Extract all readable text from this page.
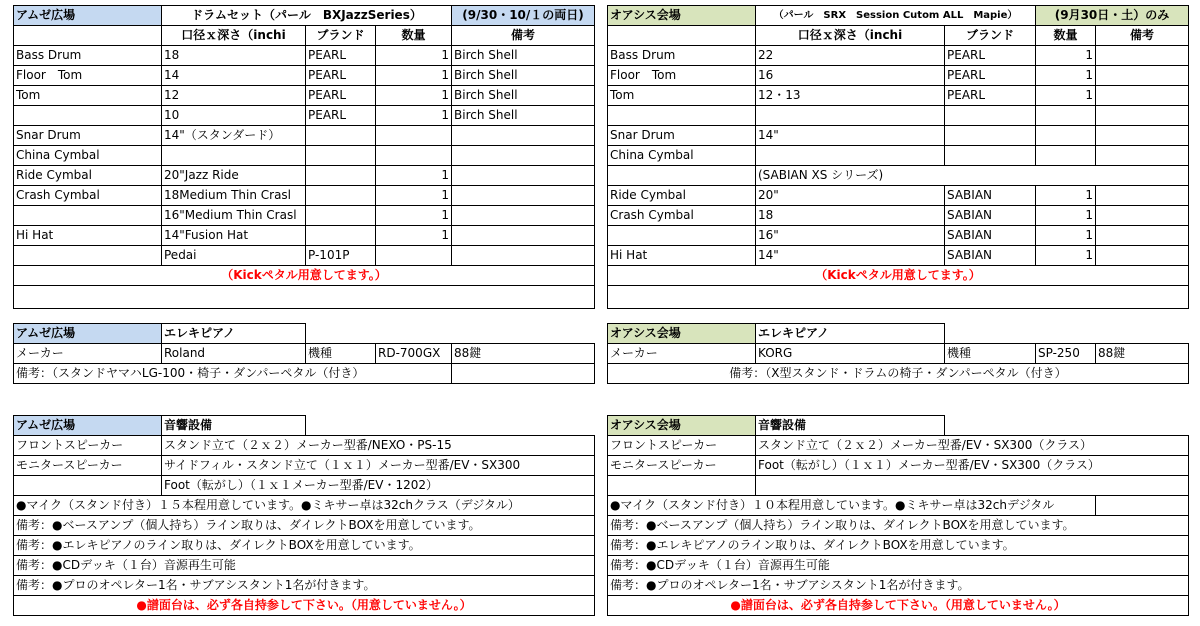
アムゼ広場	ドラムセット（パール　BXJazzSeries）			(9/30・10/１の両日)
	口径ｘ深さ（inchi	ブランド	数量	備考
Bass Drum	18	PEARL	1	Birch Shell
Floor　Tom	14	PEARL	1	Birch Shell
Tom	12	PEARL	1	Birch Shell
	10	PEARL	1	Birch Shell
Snar Drum	14"（スタンダード）			
China Cymbal				
Ride Cymbal	20"Jazz Ride		1	
Crash Cymbal	18Medium Thin Crasl		1	
	16"Medium Thin Crasl		1	
Hi Hat	14"Fusion Hat		1	
	Pedai	P-101P		
（Kickペタル用意してます。）				

アムゼ広場	エレキピアノ			
メーカー	Roland	機種	RD-700GX	88鍵
備考：（スタンドヤマハLG-100・椅子・ダンパーペタル（付き）				
アムゼ広場	音響設備	
フロントスピーカー	スタンド立て（２ｘ２）メーカー型番/NEXO・PS-15	
モニタースピーカー	サイドフィル・スタンド立て（１ｘ１）メーカー型番/EV・SX300	
	Foot（転がし）（１ｘ１メーカー型番/EV・1202）	
●マイク（スタンド付き）１５本程用意しています。●ミキサー卓は32chクラス（デジタル）		
備考：●ベースアンプ（個人持ち）ライン取りは、ダイレクトBOXを用意しています。		
備考：●エレキピアノのライン取りは、ダイレクトBOXを用意しています。		
備考：●CDデッキ（１台）音源再生可能		
備考：●プロのオペレター1名・サブアシスタント1名が付きます。		
●譜面台は、必ず各自持参して下さい。（用意していません。）		
オアシス会場	（パール　SRX　Session Cutom ALL　Mapie）		(9月30日・土）のみ	
	口径ｘ深さ（inchi	ブランド	数量	備考
Bass Drum	22	PEARL	1	
Floor　Tom	16	PEARL	1	
Tom	12・13	PEARL	1	

Snar Drum	14"			
China Cymbal				
	(SABIAN XS シリーズ)			
Ride Cymbal	20"	SABIAN	1	
Crash Cymbal	18	SABIAN	1	
	16"	SABIAN	1	
Hi Hat	14"	SABIAN	1	
（Kickペタル用意してます。）				

オアシス会場	エレキピアノ			
メーカー	KORG	機種	SP-250	88鍵
備考：（X型スタンド・ドラムの椅子・ダンパーペタル（付き）				
オアシス会場	音響設備		
フロントスピーカー	スタンド立て（２ｘ２）メーカー型番/EV・SX300（クラス）		
モニタースピーカー	Foot（転がし）（１ｘ１）メーカー型番/EV・SX300（クラス）		

●マイク（スタンド付き）１０本程用意しています。●ミキサー卓は32chデジタル			
備考：●ベースアンプ（個人持ち）ライン取りは、ダイレクトBOXを用意しています。			
備考：●エレキピアノのライン取りは、ダイレクトBOXを用意しています。			
備考：●CDデッキ（１台）音源再生可能			
備考：●プロのオペレター1名・サブアシスタント1名が付きます。			
●譜面台は、必ず各自持参して下さい。（用意していません。）			
